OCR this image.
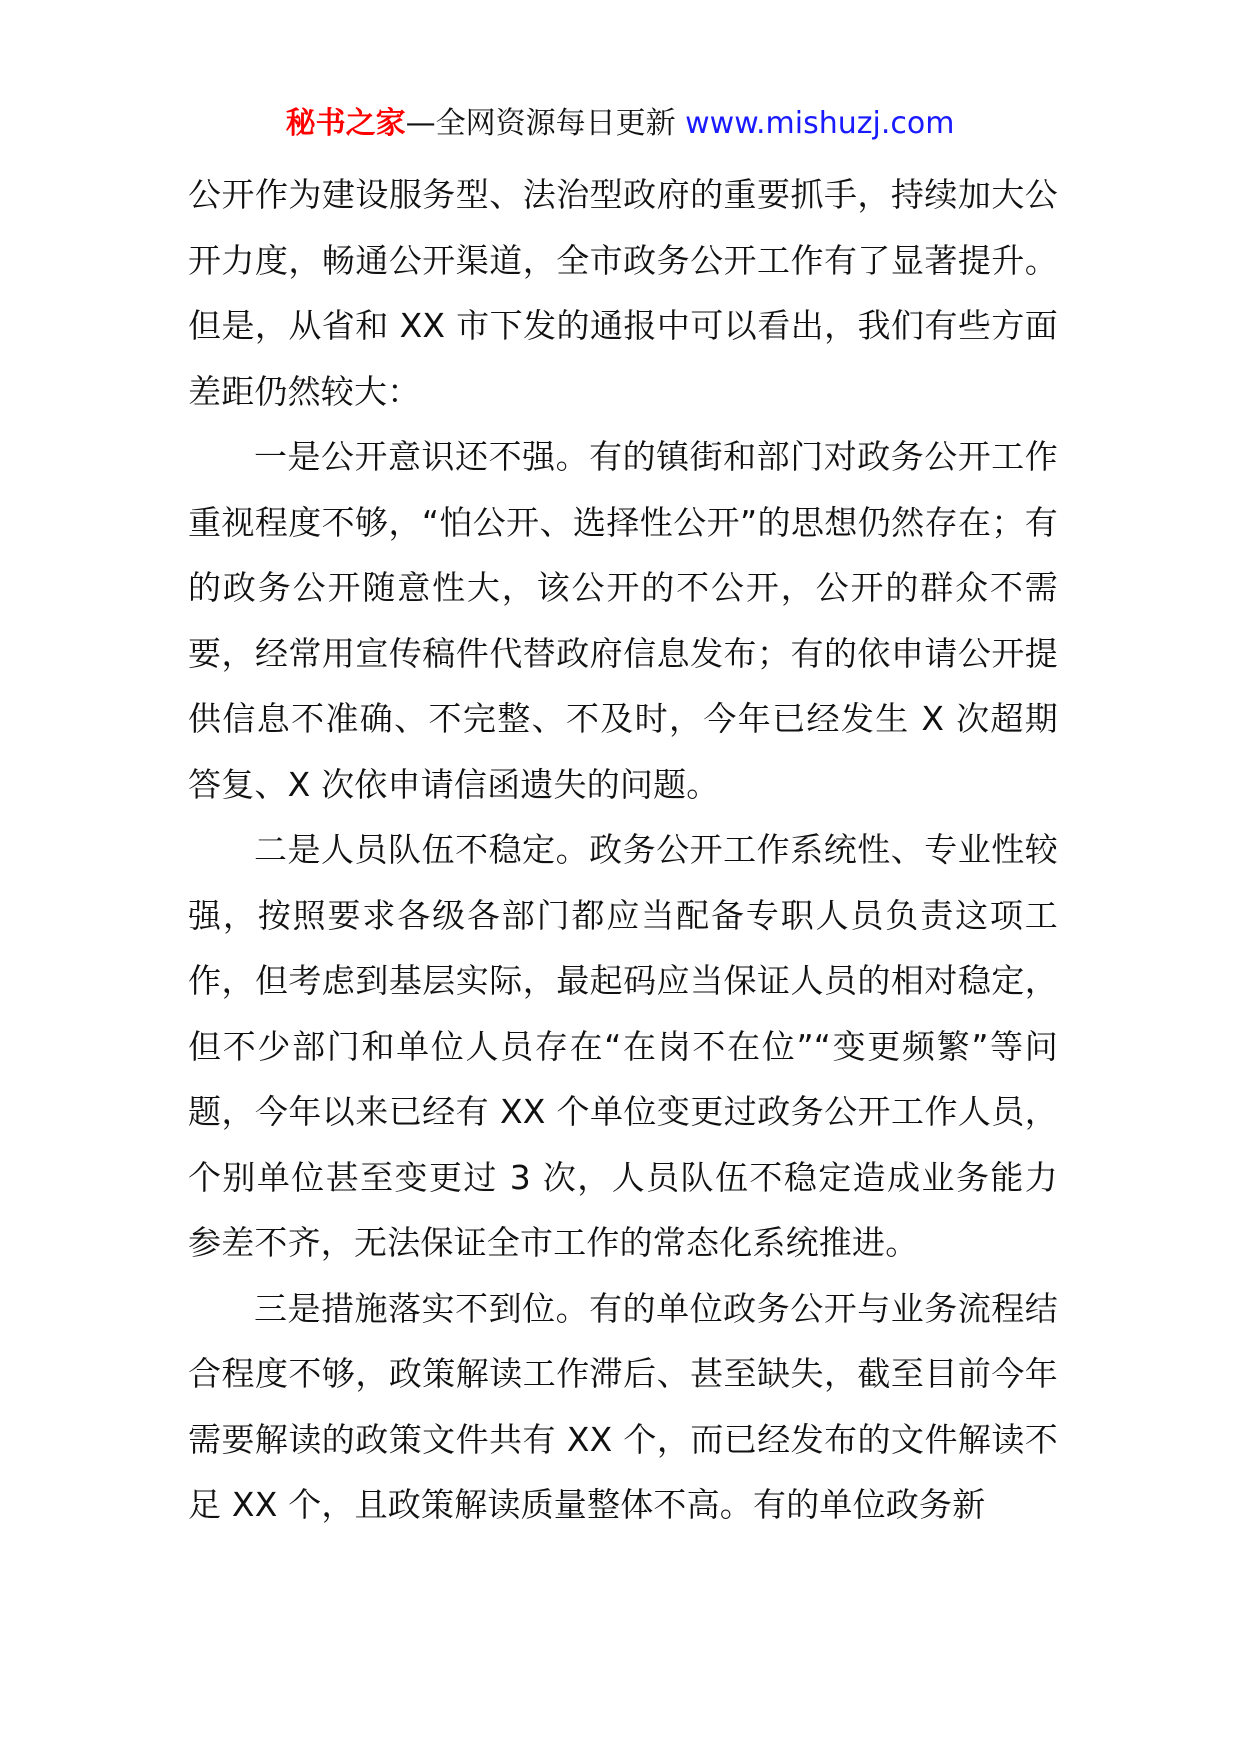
秘书之家—全网资源每日更新 www.mishuzj.com

公开作为建设服务型、法治型政府的重要抓手，持续加大公开力度，畅通公开渠道，全市政务公开工作有了显著提升。但是，从省和 XX 市下发的通报中可以看出，我们有些方面差距仍然较大：

一是公开意识还不强。有的镇街和部门对政务公开工作重视程度不够，“怕公开、选择性公开”的思想仍然存在；有的政务公开随意性大，该公开的不公开，公开的群众不需要，经常用宣传稿件代替政府信息发布；有的依申请公开提供信息不准确、不完整、不及时，今年已经发生 X 次超期答复、X 次依申请信函遗失的问题。

二是人员队伍不稳定。政务公开工作系统性、专业性较强，按照要求各级各部门都应当配备专职人员负责这项工作，但考虑到基层实际，最起码应当保证人员的相对稳定，但不少部门和单位人员存在“在岗不在位”“变更频繁”等问题，今年以来已经有 XX 个单位变更过政务公开工作人员，个别单位甚至变更过 3 次，人员队伍不稳定造成业务能力参差不齐，无法保证全市工作的常态化系统推进。

三是措施落实不到位。有的单位政务公开与业务流程结合程度不够，政策解读工作滞后、甚至缺失，截至目前今年需要解读的政策文件共有 XX 个，而已经发布的文件解读不足 XX 个，且政策解读质量整体不高。有的单位政务新
